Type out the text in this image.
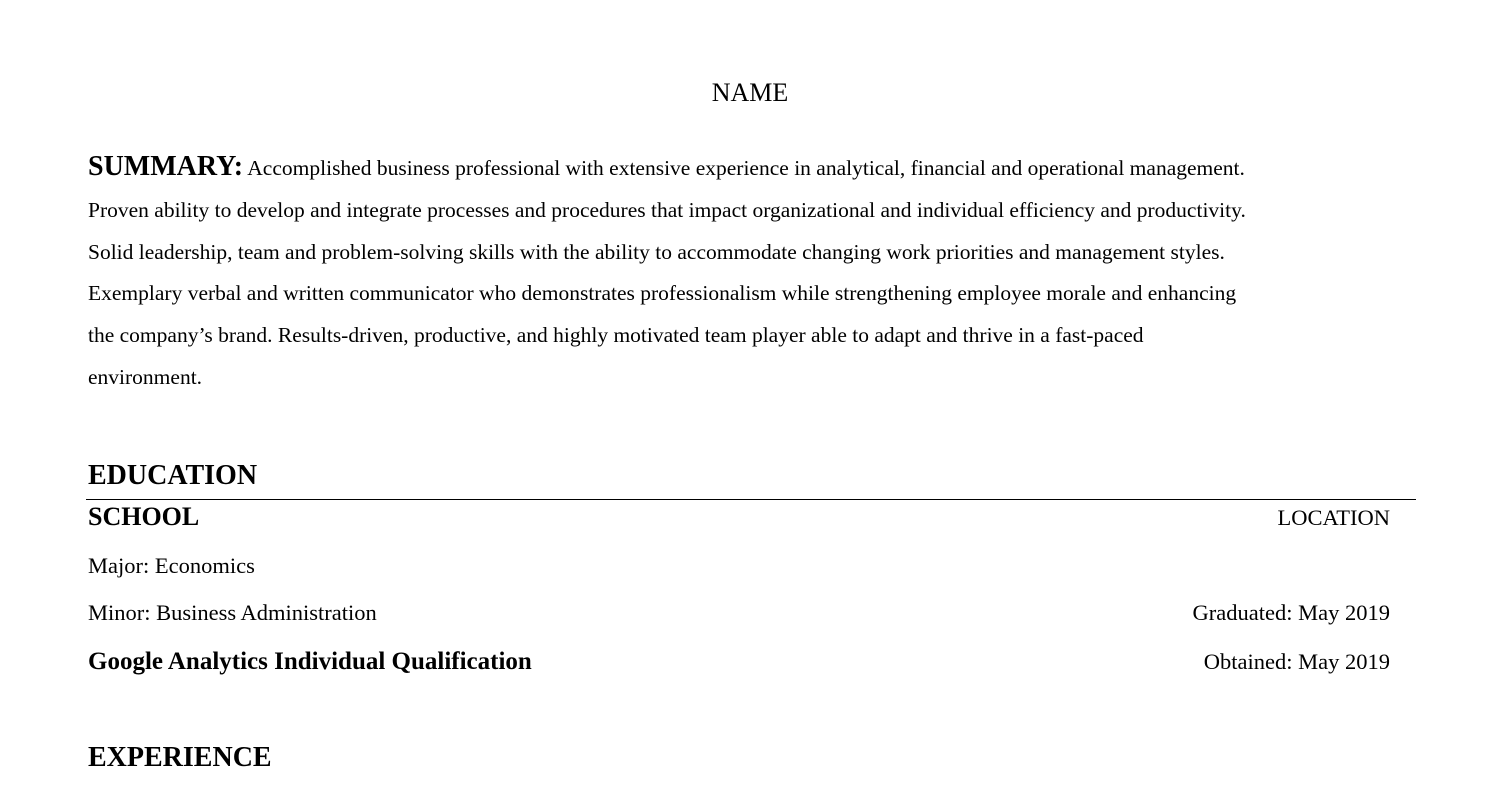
NAME

SUMMARY: Accomplished business professional with extensive experience in analytical, financial and operational management.
Proven ability to develop and integrate processes and procedures that impact organizational and individual efficiency and productivity.
Solid leadership, team and problem-solving skills with the ability to accommodate changing work priorities and management styles.
Exemplary verbal and written communicator who demonstrates professionalism while strengthening employee morale and enhancing
the company’s brand. Results-driven, productive, and highly motivated team player able to adapt and thrive in a fast-paced
environment.

EDUCATION
SCHOOL	LOCATION
Major: Economics
Minor: Business Administration	Graduated: May 2019
Google Analytics Individual Qualification	Obtained: May 2019
EXPERIENCE
